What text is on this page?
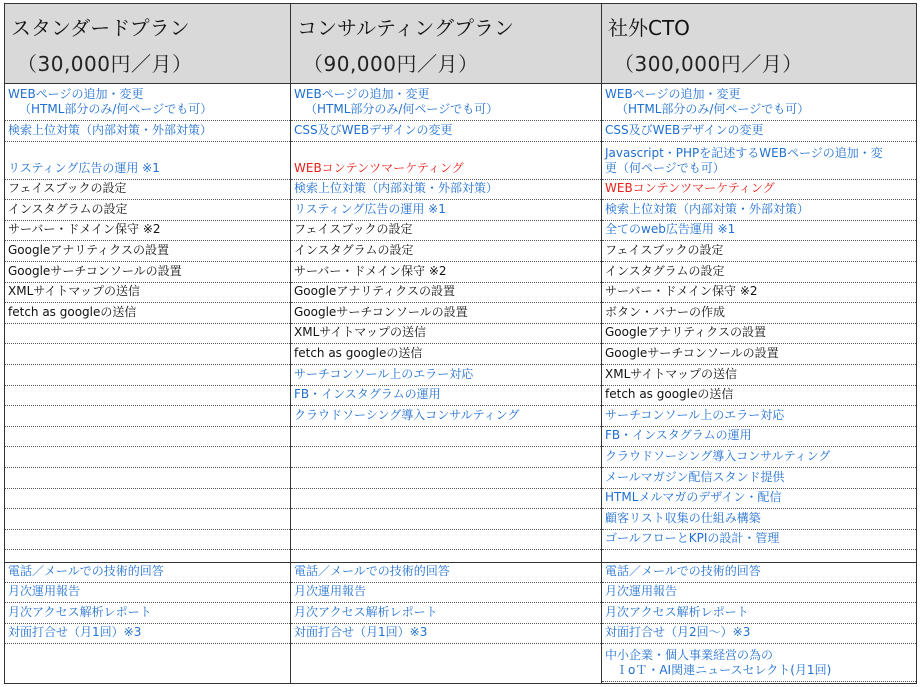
スタンダードプラン
（30,000円／月）
WEBページの追加・変更
（HTML部分のみ/何ページでも可）
検索上位対策（内部対策・外部対策）
リスティング広告の運用 ※1
フェイスブックの設定
インスタグラムの設定
サーバー・ドメイン保守 ※2
Googleアナリティクスの設置
Googleサーチコンソールの設置
XMLサイトマップの送信
fetch as googleの送信
電話／メールでの技術的回答
月次運用報告
月次アクセス解析レポート
対面打合せ（月1回）※3
コンサルティングプラン
（90,000円／月）
WEBページの追加・変更
（HTML部分のみ/何ページでも可）
CSS及びWEBデザインの変更
WEBコンテンツマーケティング
検索上位対策（内部対策・外部対策）
リスティング広告の運用 ※1
フェイスブックの設定
インスタグラムの設定
サーバー・ドメイン保守 ※2
Googleアナリティクスの設置
Googleサーチコンソールの設置
XMLサイトマップの送信
fetch as googleの送信
サーチコンソール上のエラー対応
FB・インスタグラムの運用
クラウドソーシング導入コンサルティング
電話／メールでの技術的回答
月次運用報告
月次アクセス解析レポート
対面打合せ（月1回）※3
社外CTO
（300,000円／月）
WEBページの追加・変更
（HTML部分のみ/何ページでも可）
CSS及びWEBデザインの変更
Javascript・PHPを記述するWEBページの追加・変
更（何ページでも可）
WEBコンテンツマーケティング
検索上位対策（内部対策・外部対策）
全てのweb広告運用 ※1
フェイスブックの設定
インスタグラムの設定
サーバー・ドメイン保守 ※2
ボタン・バナーの作成
Googleアナリティクスの設置
Googleサーチコンソールの設置
XMLサイトマップの送信
fetch as googleの送信
サーチコンソール上のエラー対応
FB・インスタグラムの運用
クラウドソーシング導入コンサルティング
メールマガジン配信スタンド提供
HTMLメルマガのデザイン・配信
顧客リスト収集の仕組み構築
ゴールフローとKPIの設計・管理
電話／メールでの技術的回答
月次運用報告
月次アクセス解析レポート
対面打合せ（月2回～）※3
中小企業・個人事業経営の為の
ＩoＴ・AI関連ニュースセレクト(月1回)
